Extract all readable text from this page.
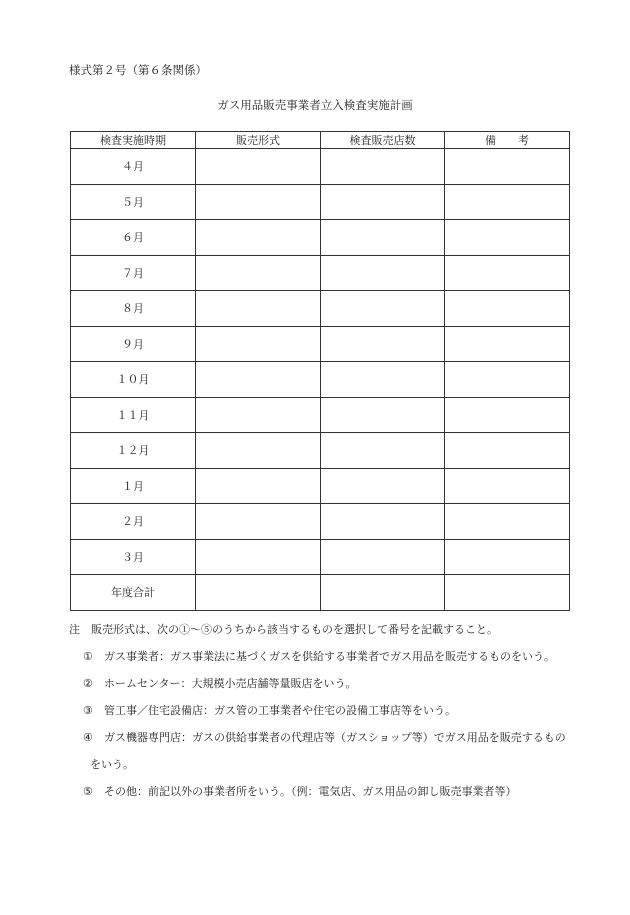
様式第２号（第６条関係）
ガス用品販売事業者立入検査実施計画
検査実施時期	販売形式	検査販売店数	備　　考
４月			
５月			
６月			
７月			
８月			
９月			
１０月			
１１月			
１２月			
１月			
２月			
３月			
年度合計			
注　販売形式は、次の①～⑤のうちから該当するものを選択して番号を記載すること。
① ガス事業者：ガス事業法に基づくガスを供給する事業者でガス用品を販売するものをいう。
② ホームセンター：大規模小売店舗等量販店をいう。
③ 管工事／住宅設備店：ガス管の工事業者や住宅の設備工事店等をいう。
④ ガス機器専門店：ガスの供給事業者の代理店等（ガスショップ等）でガス用品を販売するもの
をいう。
⑤ その他：前記以外の事業者所をいう。（例：電気店、ガス用品の卸し販売事業者等）
